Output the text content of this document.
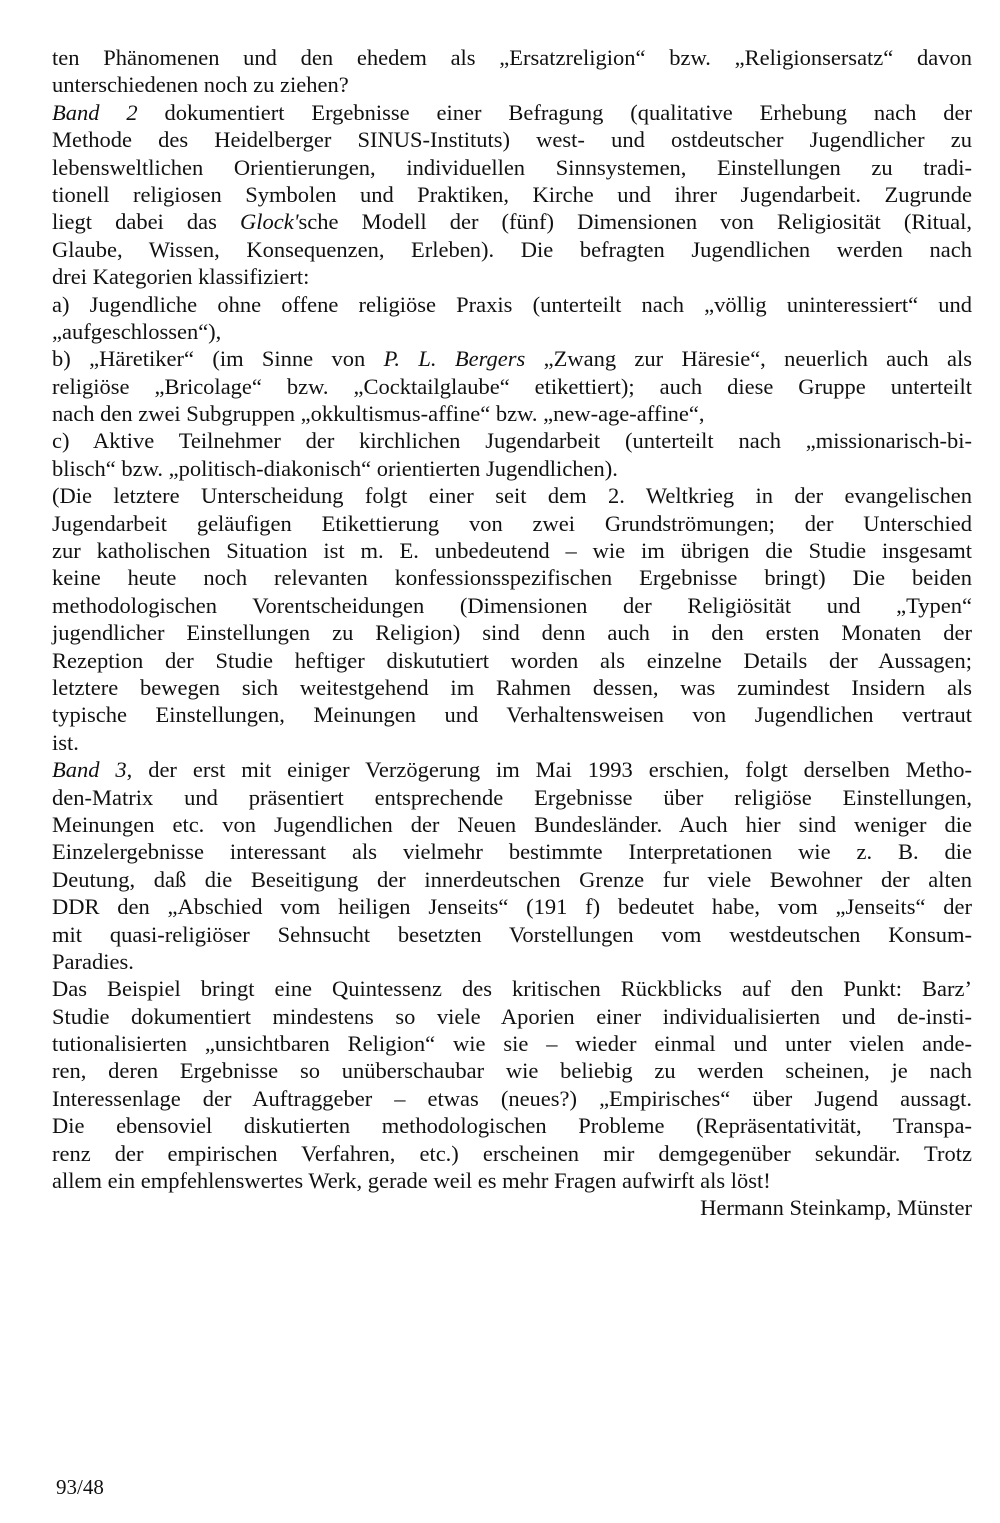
ten Phänomenen und den ehedem als „Ersatzreligion“ bzw. „Religionsersatz“ davon
unterschiedenen noch zu ziehen?
Band 2 dokumentiert Ergebnisse einer Befragung (qualitative Erhebung nach der
Methode des Heidelberger SINUS-Instituts) west- und ostdeutscher Jugendlicher zu
lebensweltlichen Orientierungen, individuellen Sinnsystemen, Einstellungen zu tradi-
tionell religiosen Symbolen und Praktiken, Kirche und ihrer Jugendarbeit. Zugrunde
liegt dabei das Glock'sche Modell der (fünf) Dimensionen von Religiosität (Ritual,
Glaube, Wissen, Konsequenzen, Erleben). Die befragten Jugendlichen werden nach
drei Kategorien klassifiziert:
a) Jugendliche ohne offene religiöse Praxis (unterteilt nach „völlig uninteressiert“ und
„aufgeschlossen“),
b) „Häretiker“ (im Sinne von P. L. Bergers „Zwang zur Häresie“, neuerlich auch als
religiöse „Bricolage“ bzw. „Cocktailglaube“ etikettiert); auch diese Gruppe unterteilt
nach den zwei Subgruppen „okkultismus-affine“ bzw. „new-age-affine“,
c) Aktive Teilnehmer der kirchlichen Jugendarbeit (unterteilt nach „missionarisch-bi-
blisch“ bzw. „politisch-diakonisch“ orientierten Jugendlichen).
(Die letztere Unterscheidung folgt einer seit dem 2. Weltkrieg in der evangelischen
Jugendarbeit geläufigen Etikettierung von zwei Grundströmungen; der Unterschied
zur katholischen Situation ist m. E. unbedeutend – wie im übrigen die Studie insgesamt
keine heute noch relevanten konfessionsspezifischen Ergebnisse bringt) Die beiden
methodologischen Vorentscheidungen (Dimensionen der Religiösität und „Typen“
jugendlicher Einstellungen zu Religion) sind denn auch in den ersten Monaten der
Rezeption der Studie heftiger diskututiert worden als einzelne Details der Aussagen;
letztere bewegen sich weitestgehend im Rahmen dessen, was zumindest Insidern als
typische Einstellungen, Meinungen und Verhaltensweisen von Jugendlichen vertraut
ist.
Band 3, der erst mit einiger Verzögerung im Mai 1993 erschien, folgt derselben Metho-
den-Matrix und präsentiert entsprechende Ergebnisse über religiöse Einstellungen,
Meinungen etc. von Jugendlichen der Neuen Bundesländer. Auch hier sind weniger die
Einzelergebnisse interessant als vielmehr bestimmte Interpretationen wie z. B. die
Deutung, daß die Beseitigung der innerdeutschen Grenze fur viele Bewohner der alten
DDR den „Abschied vom heiligen Jenseits“ (191 f) bedeutet habe, vom „Jenseits“ der
mit quasi-religiöser Sehnsucht besetzten Vorstellungen vom westdeutschen Konsum-
Paradies.
Das Beispiel bringt eine Quintessenz des kritischen Rückblicks auf den Punkt: Barz’
Studie dokumentiert mindestens so viele Aporien einer individualisierten und de-insti-
tutionalisierten „unsichtbaren Religion“ wie sie – wieder einmal und unter vielen ande-
ren, deren Ergebnisse so unüberschaubar wie beliebig zu werden scheinen, je nach
Interessenlage der Auftraggeber – etwas (neues?) „Empirisches“ über Jugend aussagt.
Die ebensoviel diskutierten methodologischen Probleme (Repräsentativität, Transpa-
renz der empirischen Verfahren, etc.) erscheinen mir demgegenüber sekundär. Trotz
allem ein empfehlenswertes Werk, gerade weil es mehr Fragen aufwirft als löst!
Hermann Steinkamp, Münster
93/48
